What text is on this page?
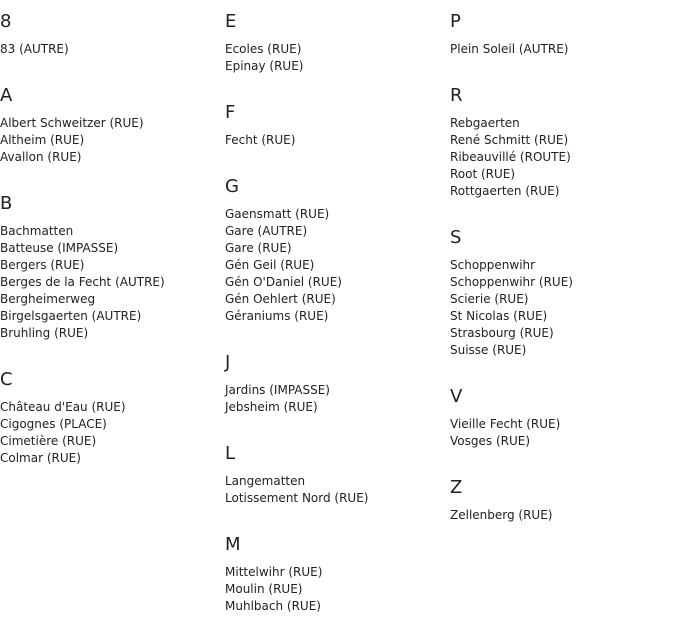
8
83 (AUTRE)
A
Albert Schweitzer (RUE)
Altheim (RUE)
Avallon (RUE)
B
Bachmatten
Batteuse (IMPASSE)
Bergers (RUE)
Berges de la Fecht (AUTRE)
Bergheimerweg
Birgelsgaerten (AUTRE)
Bruhling (RUE)
C
Château d'Eau (RUE)
Cigognes (PLACE)
Cimetière (RUE)
Colmar (RUE)
E
Ecoles (RUE)
Epinay (RUE)
F
Fecht (RUE)
G
Gaensmatt (RUE)
Gare (AUTRE)
Gare (RUE)
Gén Geil (RUE)
Gén O'Daniel (RUE)
Gén Oehlert (RUE)
Géraniums (RUE)
J
Jardins (IMPASSE)
Jebsheim (RUE)
L
Langematten
Lotissement Nord (RUE)
M
Mittelwihr (RUE)
Moulin (RUE)
Muhlbach (RUE)
P
Plein Soleil (AUTRE)
R
Rebgaerten
René Schmitt (RUE)
Ribeauvillé (ROUTE)
Root (RUE)
Rottgaerten (RUE)
S
Schoppenwihr
Schoppenwihr (RUE)
Scierie (RUE)
St Nicolas (RUE)
Strasbourg (RUE)
Suisse (RUE)
V
Vieille Fecht (RUE)
Vosges (RUE)
Z
Zellenberg (RUE)
